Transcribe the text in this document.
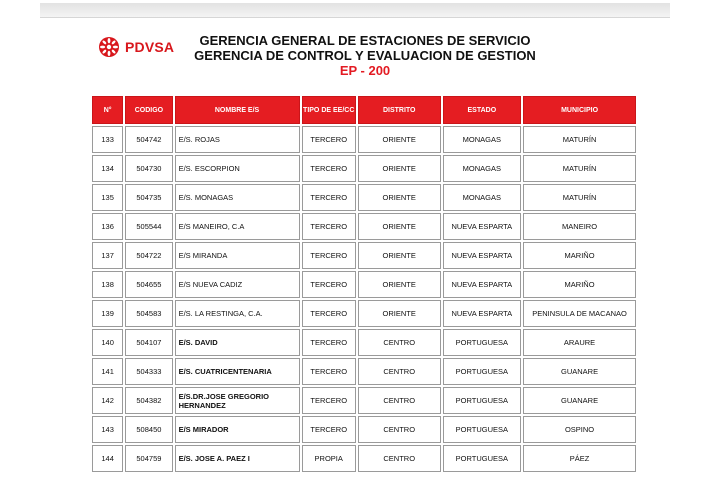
PDVSA	GERENCIA GENERAL DE ESTACIONES DE SERVICIO
GERENCIA DE CONTROL Y EVALUACION DE GESTION
EP - 200
N°	CODIGO	NOMBRE E/S	TIPO DE EE/CC	DISTRITO	ESTADO	MUNICIPIO
133	504742	E/S. ROJAS	TERCERO	ORIENTE	MONAGAS	MATURÍN
134	504730	E/S. ESCORPION	TERCERO	ORIENTE	MONAGAS	MATURÍN
135	504735	E/S. MONAGAS	TERCERO	ORIENTE	MONAGAS	MATURÍN
136	505544	E/S MANEIRO, C.A	TERCERO	ORIENTE	NUEVA ESPARTA	MANEIRO
137	504722	E/S MIRANDA	TERCERO	ORIENTE	NUEVA ESPARTA	MARIÑO
138	504655	E/S NUEVA CADIZ	TERCERO	ORIENTE	NUEVA ESPARTA	MARIÑO
139	504583	E/S. LA RESTINGA, C.A.	TERCERO	ORIENTE	NUEVA ESPARTA	PENINSULA DE MACANAO
140	504107	E/S. DAVID	TERCERO	CENTRO	PORTUGUESA	ARAURE
141	504333	E/S. CUATRICENTENARIA	TERCERO	CENTRO	PORTUGUESA	GUANARE
142	504382	E/S.DR.JOSE GREGORIO HERNANDEZ	TERCERO	CENTRO	PORTUGUESA	GUANARE
143	508450	E/S MIRADOR	TERCERO	CENTRO	PORTUGUESA	OSPINO
144	504759	E/S. JOSE A. PAEZ I	PROPIA	CENTRO	PORTUGUESA	PÁEZ
